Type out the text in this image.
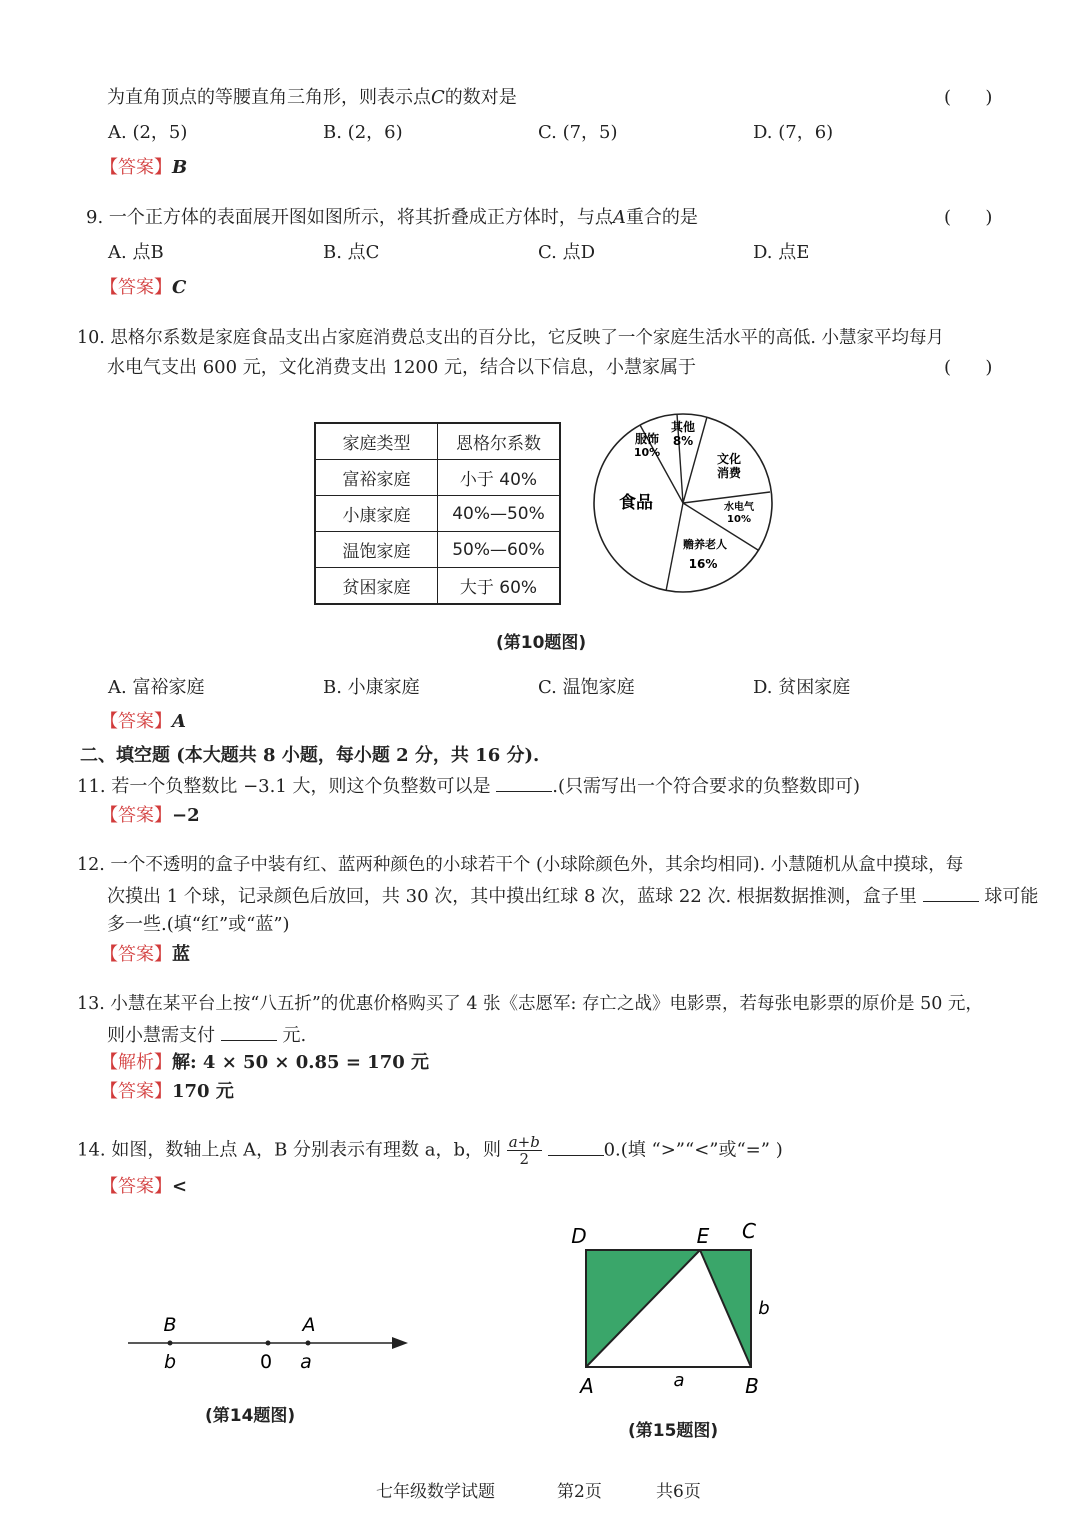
为直角顶点的等腰直角三角形，则表示点C的数对是	(      )
A. (2，5)	B. (2，6)	C. (7，5)	D. (7，6)
【答案】B
9. 一个正方体的表面展开图如图所示，将其折叠成正方体时，与点A重合的是	(      )
A. 点B	B. 点C	C. 点D	D. 点E
【答案】C
10. 思格尔系数是家庭食品支出占家庭消费总支出的百分比，它反映了一个家庭生活水平的高低. 小慧家平均每月
水电气支出 600 元，文化消费支出 1200 元，结合以下信息，小慧家属于	(      )
家庭类型	恩格尔系数
富裕家庭	小于 40%
小康家庭	40%—50%
温饱家庭	50%—60%
贫困家庭	大于 60%
其他
8%
服饰
10%	文化
消费
水电气
10%
赡养老人
16%
食品
(第10题图)
A. 富裕家庭	B. 小康家庭	C. 温饱家庭	D. 贫困家庭
【答案】A
二、填空题 (本大题共 8 小题，每小题 2 分，共 16 分).
11. 若一个负整数比 −3.1 大，则这个负整数可以是	.(只需写出一个符合要求的负整数即可)
【答案】−2
12. 一个不透明的盒子中装有红、蓝两种颜色的小球若干个 (小球除颜色外，其余均相同). 小慧随机从盒中摸球，每
次摸出 1 个球，记录颜色后放回，共 30 次，其中摸出红球 8 次，蓝球 22 次. 根据数据推测，盒子里	球可能
多一些.(填“红”或“蓝”)
【答案】蓝
13. 小慧在某平台上按“八五折”的优惠价格购买了 4 张《志愿军: 存亡之战》电影票，若每张电影票的原价是 50 元，
则小慧需支付	元.
【解析】解: 4 × 50 × 0.85 = 170 元
【答案】170 元
14. 如图，数轴上点 A，B 分别表示有理数 a，b，则 $\frac{a+b}{2}$	0.(填 “>”“<”或“=” )
【答案】<
B
b	0
A
a
(第14题图)
D	E C
b
A	a	B
(第15题图)
七年级数学试题	第2页	共6页
